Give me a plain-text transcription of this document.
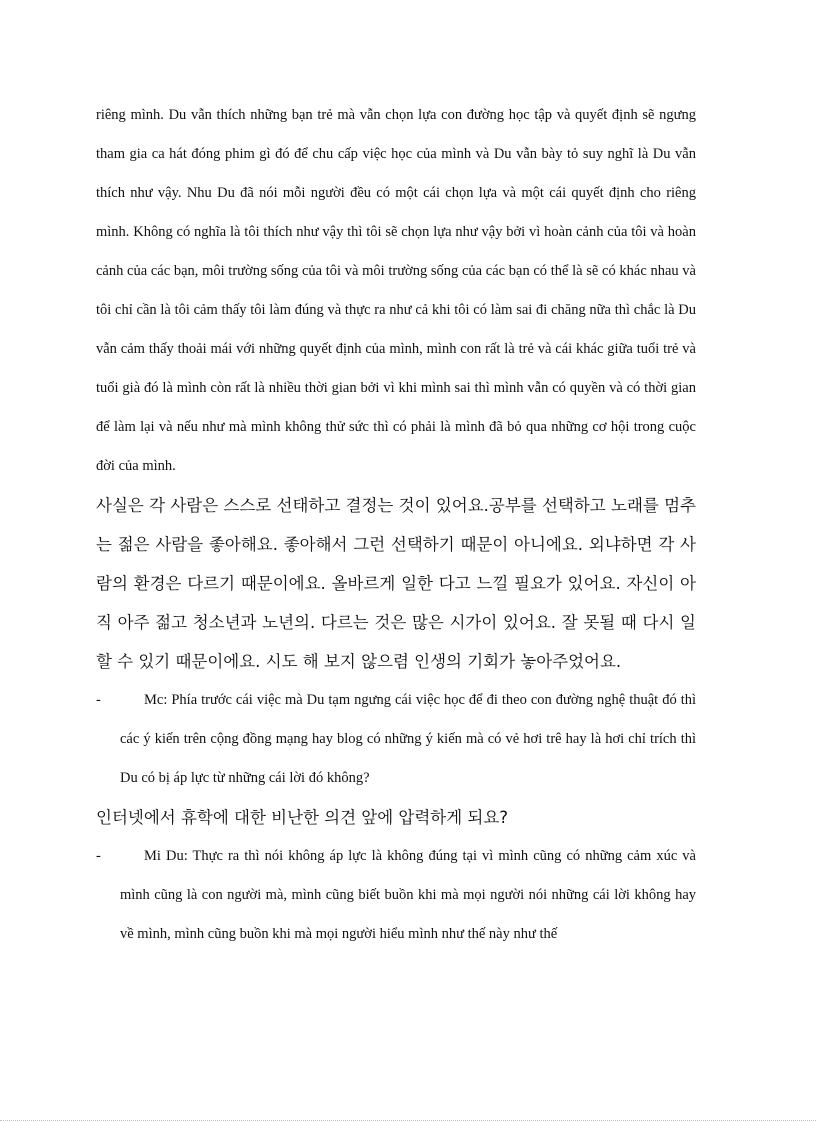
riêng mình. Du vẫn thích những bạn trẻ mà vẫn chọn lựa con đường học tập và quyết định sẽ ngưng tham gia ca hát đóng phim gì đó để chu cấp việc học của mình và Du vẫn bày tỏ suy nghĩ là Du vẫn thích như vậy. Nhu Du đã nói mỗi người đều có một cái chọn lựa và một cái quyết định cho riêng mình. Không có nghĩa là tôi thích như vậy thì tôi sẽ chọn lựa như vậy bởi vì hoàn cảnh của tôi và hoàn cảnh của các bạn, môi trường sống của tôi và môi trường sống của các bạn có thể là sẽ có khác nhau và tôi chỉ cần là tôi cảm thấy tôi làm đúng và thực ra như cả khi tôi có làm sai đi chăng nữa thì chắc là Du vẫn cảm thấy thoải mái với những quyết định của mình, mình con rất là trẻ và cái khác giữa tuổi trẻ và tuổi già đó là mình còn rất là nhiều thời gian bởi vì khi mình sai thì mình vẫn có quyền và có thời gian để làm lại và nếu như mà mình không thử sức thì có phải là mình đã bỏ qua những cơ hội trong cuộc đời của mình.

사실은 각 사람은 스스로 선태하고 결정는 것이 있어요.공부를 선택하고 노래를 멈추는 젊은 사람을 좋아해요. 좋아해서 그런 선택하기 때문이 아니에요. 외냐하면 각 사람의 환경은 다르기 때문이에요. 올바르게 일한 다고 느낄 필요가 있어요. 자신이 아직 아주 젊고 청소년과 노년의. 다르는 것은 많은 시가이 있어요. 잘 못될 때 다시 일할 수 있기 때문이에요. 시도 해 보지 않으렴 인생의 기회가 놓아주었어요.

-	Mc: Phía trước cái việc mà Du tạm ngưng cái việc học để đi theo con đường nghệ thuật đó thì các ý kiến trên cộng đồng mạng hay blog có những ý kiến mà có vẻ hơi trê hay là hơi chỉ trích thì Du có bị áp lực từ những cái lời đó không?

인터넷에서 휴학에 대한 비난한 의견 앞에 압력하게 되요?

-	Mi Du: Thực ra thì nói không áp lực là không đúng tại vì mình cũng có những cảm xúc và mình cũng là con người mà, mình cũng biết buồn khi mà mọi người nói những cái lời không hay về mình, mình cũng buồn khi mà mọi người hiểu mình như thế này như thế
